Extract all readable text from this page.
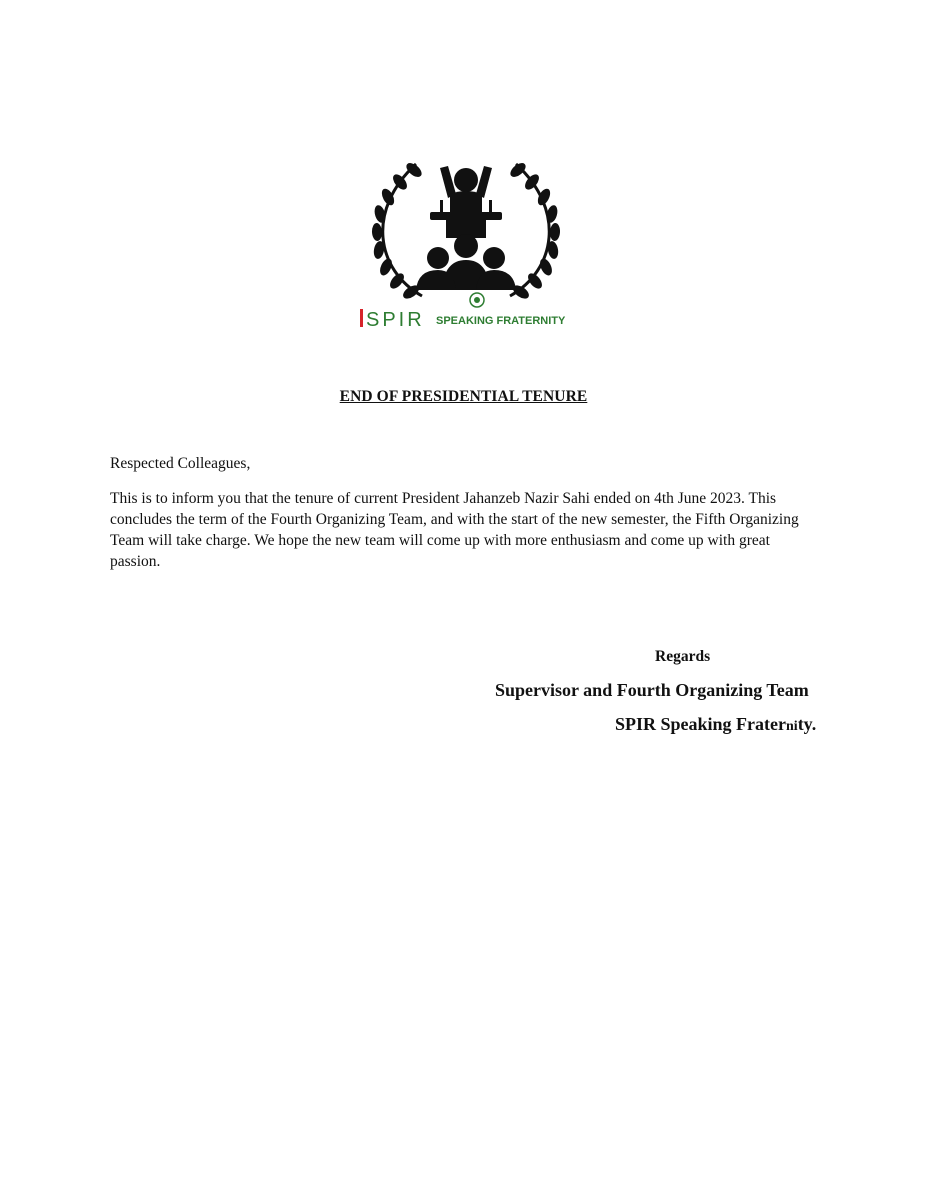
SPIR SPEAKING FRATERNITY
END OF PRESIDENTIAL TENURE
Respected Colleagues,

This is to inform you that the tenure of current President Jahanzeb Nazir Sahi ended on 4th June 2023. This concludes the term of the Fourth Organizing Team, and with the start of the new semester, the Fifth Organizing Team will take charge. We hope the new team will come up with more enthusiasm and come up with great passion.

Regards
Supervisor and Fourth Organizing Team
SPIR Speaking Fraternity.
